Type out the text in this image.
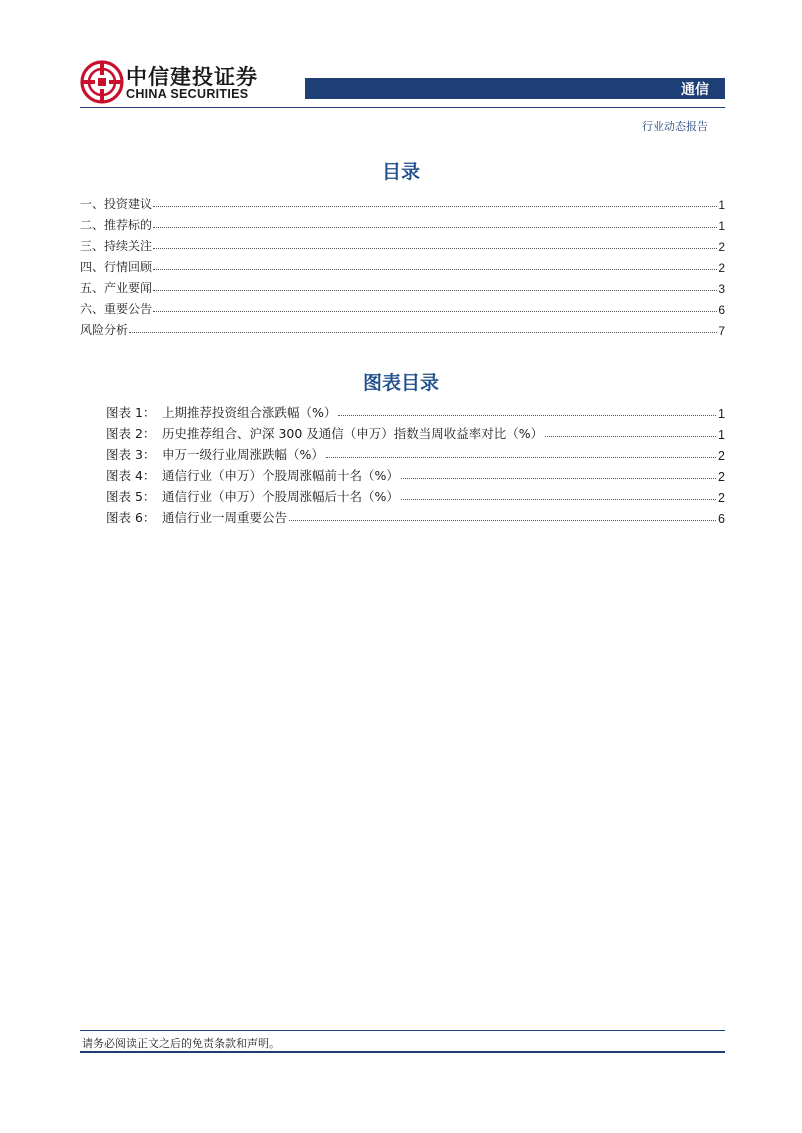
中信建投证券
CHINA SECURITIES	通信
行业动态报告
目录
一、投资建议	1
二、推荐标的	1
三、持续关注	2
四、行情回顾	2
五、产业要闻	3
六、重要公告	6
风险分析	7
图表目录
图表 1： 上期推荐投资组合涨跌幅（%）	1
图表 2： 历史推荐组合、沪深 300 及通信（申万）指数当周收益率对比（%）	1
图表 3： 申万一级行业周涨跌幅（%）	2
图表 4： 通信行业（申万）个股周涨幅前十名（%）	2
图表 5： 通信行业（申万）个股周涨幅后十名（%）	2
图表 6： 通信行业一周重要公告	6
请务必阅读正文之后的免责条款和声明。
